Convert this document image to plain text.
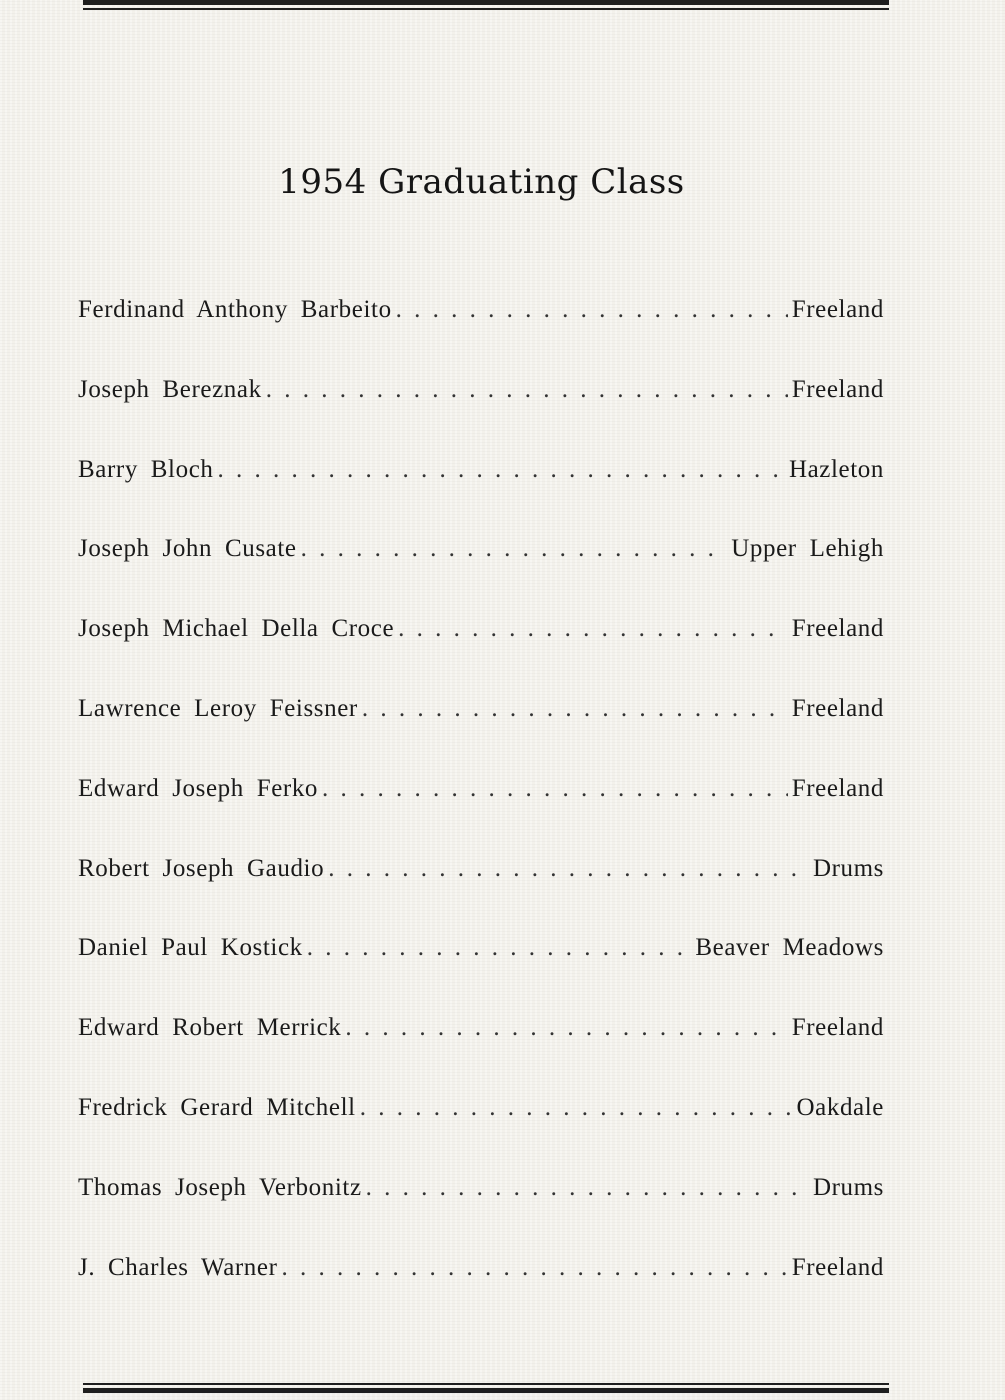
1954 Graduating Class
Ferdinand Anthony Barbeito . . .	Freeland
Joseph Bereznak . . .	Freeland
Barry Bloch . . .	Hazleton
Joseph John Cusate . . .	Upper Lehigh
Joseph Michael Della Croce . . .	Freeland
Lawrence Leroy Feissner . . .	Freeland
Edward Joseph Ferko . . .	Freeland
Robert Joseph Gaudio . . .	Drums
Daniel Paul Kostick . . .	Beaver Meadows
Edward Robert Merrick . . .	Freeland
Fredrick Gerard Mitchell . . .	Oakdale
Thomas Joseph Verbonitz . . .	Drums
J. Charles Warner . . .	Freeland
